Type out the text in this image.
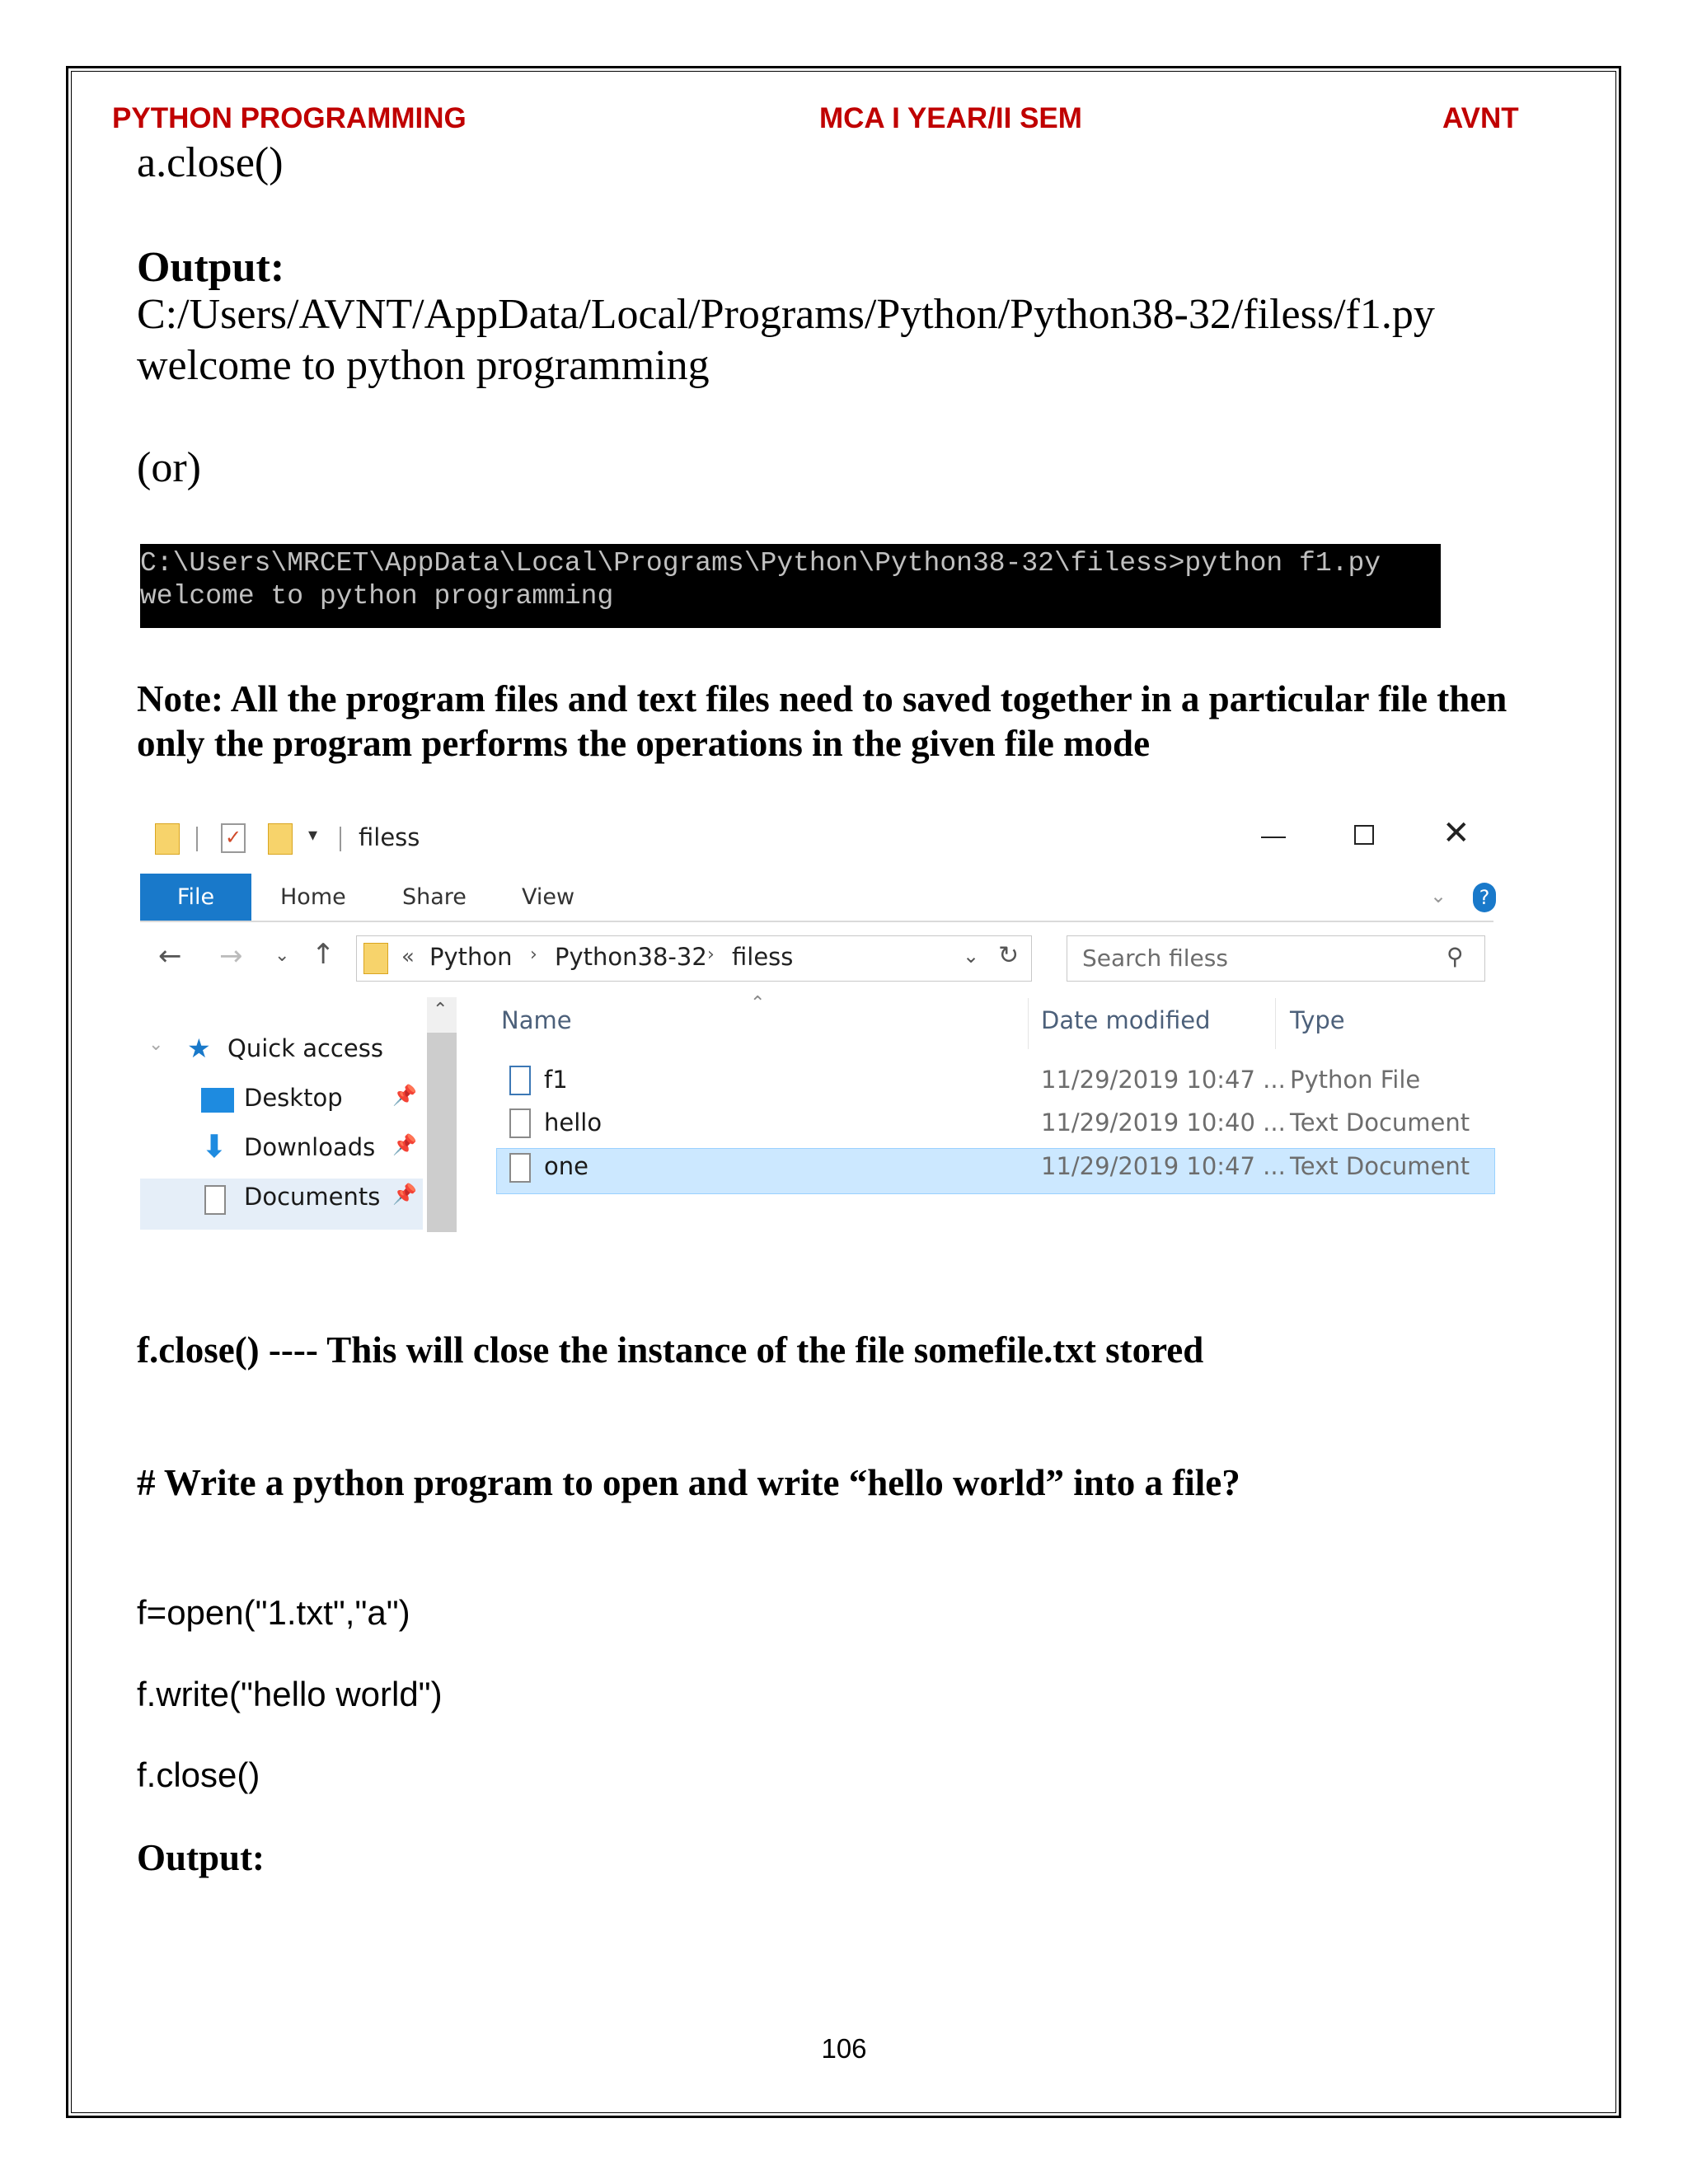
PYTHON PROGRAMMING	MCA I YEAR/II SEM	AVNT
a.close()
Output:
C:/Users/AVNT/AppData/Local/Programs/Python/Python38-32/filess/f1.py
welcome to python programming
(or)
C:\Users\MRCET\AppData\Local\Programs\Python\Python38-32\filess>python f1.py
welcome to python programming
Note: All the program files and text files need to saved together in a particular file then
only the program performs the operations in the given file mode
✓	▾ filess	✕
File	Home	Share View	⌄	?
← → ⌄ ↑	« Python › Python38-32 › filess	⌄ ↻	Search filess	⚲
⌄ ★ Quick access
Desktop	📌
⬇ Downloads 📌
Documents 📌
⌃	⌃
Name	Date modified	Type
f1	11/29/2019 10:47 ... Python File
hello	11/29/2019 10:40 ... Text Document
one	11/29/2019 10:47 ... Text Document
f.close() ---- This will close the instance of the file somefile.txt stored
# Write a python program to open and write “hello world” into a file?
f=open("1.txt","a")
f.write("hello world")
f.close()
Output:
106
